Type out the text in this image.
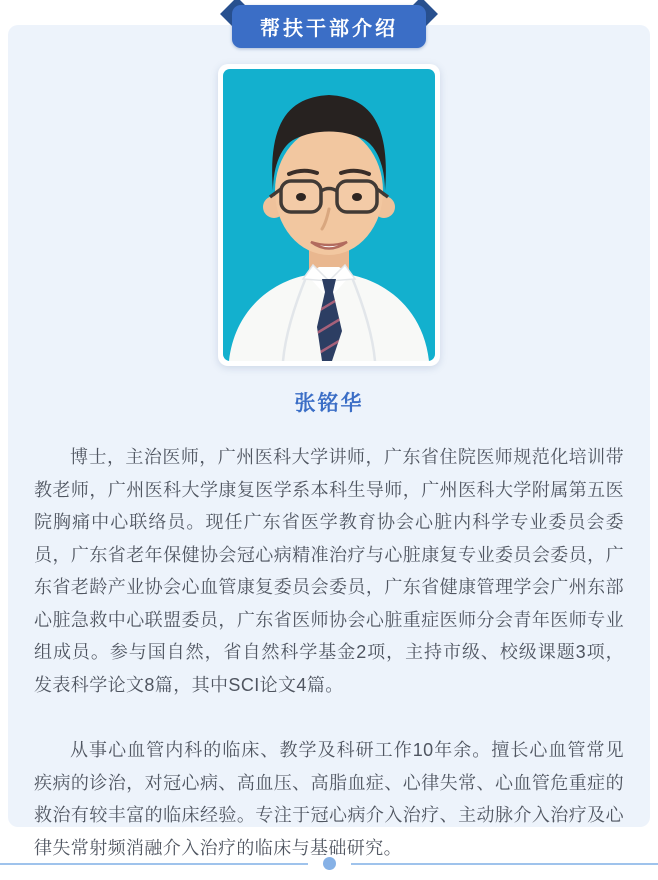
帮扶干部介绍
张铭华

博士，主治医师，广州医科大学讲师，广东省住院医师规范化培训带教老师，广州医科大学康复医学系本科生导师，广州医科大学附属第五医院胸痛中心联络员。现任广东省医学教育协会心脏内科学专业委员会委员，广东省老年保健协会冠心病精准治疗与心脏康复专业委员会委员，广东省老龄产业协会心血管康复委员会委员，广东省健康管理学会广州东部心脏急救中心联盟委员，广东省医师协会心脏重症医师分会青年医师专业组成员。参与国自然，省自然科学基金2项，主持市级、校级课题3项，发表科学论文8篇，其中SCI论文4篇。

从事心血管内科的临床、教学及科研工作10年余。擅长心血管常见疾病的诊治，对冠心病、高血压、高脂血症、心律失常、心血管危重症的救治有较丰富的临床经验。专注于冠心病介入治疗、主动脉介入治疗及心律失常射频消融介入治疗的临床与基础研究。
